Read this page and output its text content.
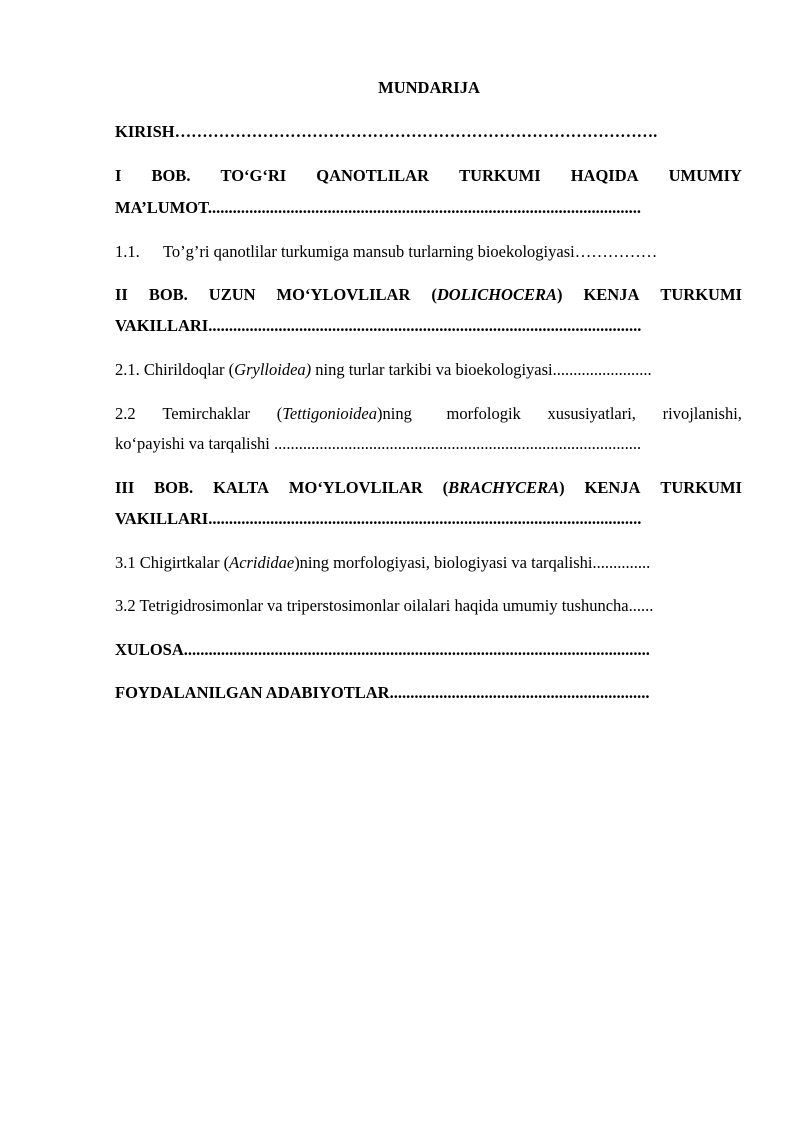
MUNDARIJA
KIRISH…………………………………………………………………………….
I BOB. TO‘G‘RI QANOTLILAR TURKUMI HAQIDA UMUMIY
MA’LUMOT.........................................................................................................
1.1. To’g’ri qanotlilar turkumiga mansub turlarning bioekologiyasi……………
II BOB. UZUN MO‘YLOVLILAR (DOLICHOCERA) KENJA TURKUMI
VAKILLARI.........................................................................................................
2.1. Chirildoqlar (Grylloidea) ning turlar tarkibi va bioekologiyasi........................
2.2 Temirchaklar (Tettigonioidea)ning morfologik xususiyatlari, rivojlanishi,
ko‘payishi va tarqalishi .........................................................................................
III BOB. KALTA MO‘YLOVLILAR (BRACHYCERA) KENJA TURKUMI
VAKILLARI.........................................................................................................
3.1 Chigirtkalar (Acrididae)ning morfologiyasi, biologiyasi va tarqalishi..............
3.2 Tetrigidrosimonlar va triperstosimonlar oilalari haqida umumiy tushuncha......
XULOSA.................................................................................................................
FOYDALANILGAN ADABIYOTLAR...............................................................
